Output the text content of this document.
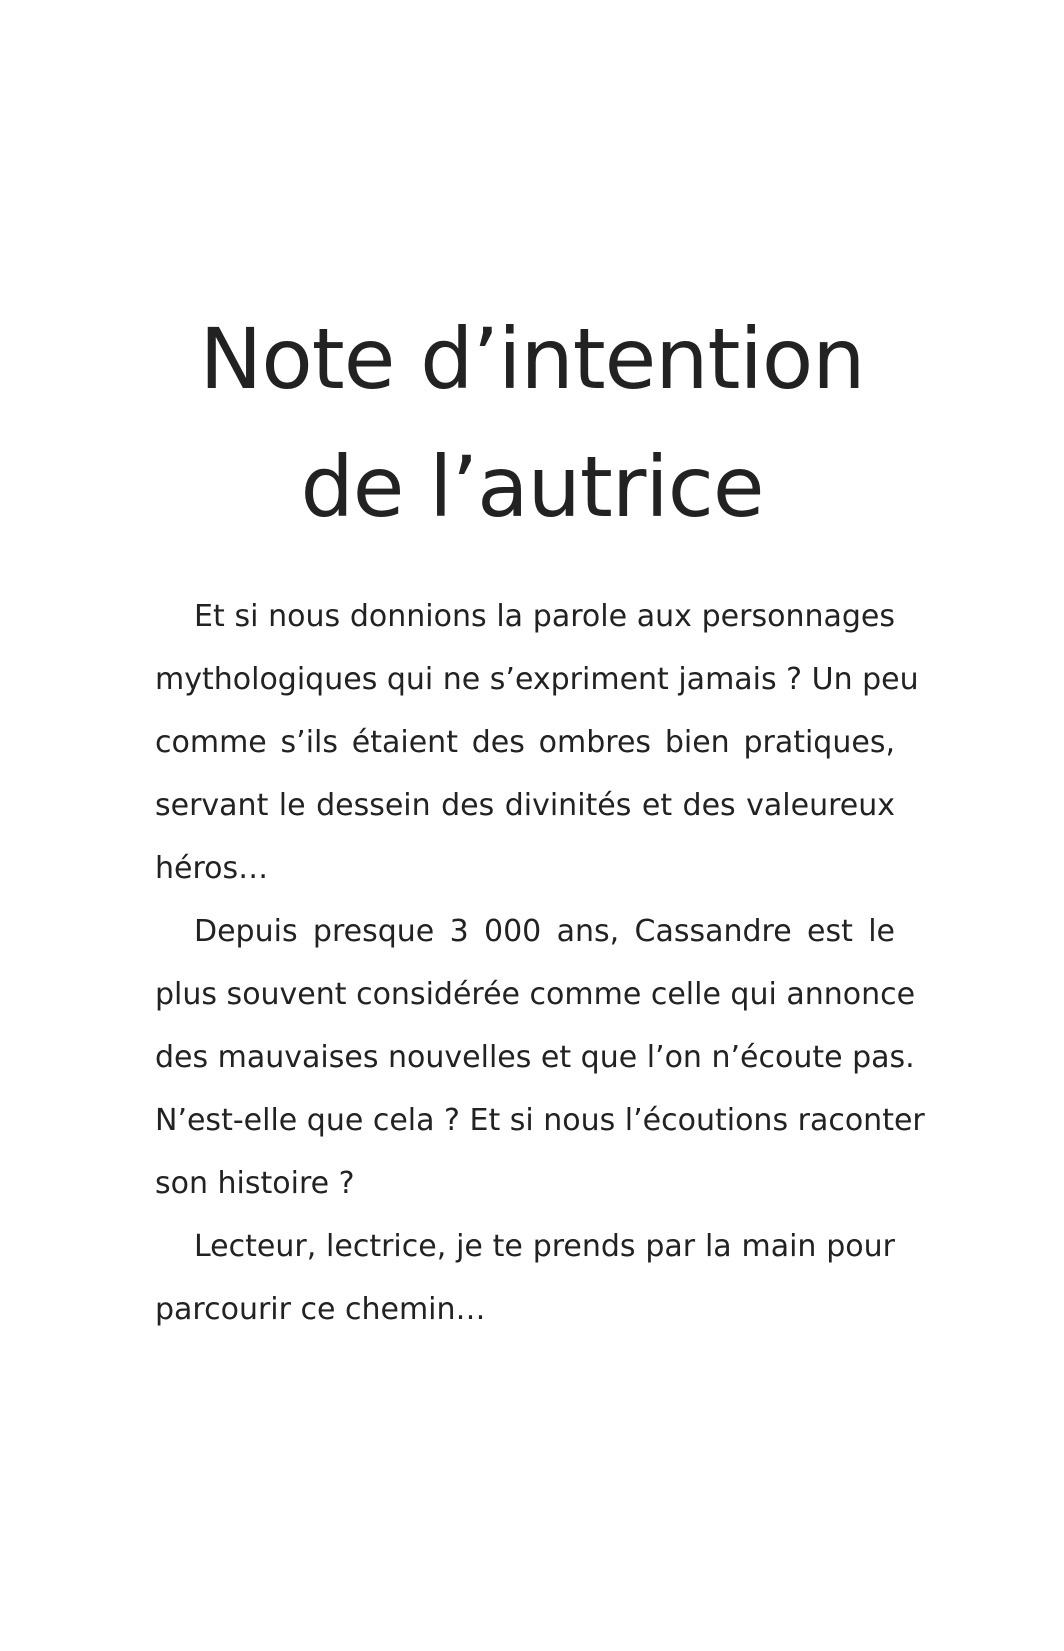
Note d’intention
de l’autrice

Et si nous donnions la parole aux personnages
mythologiques qui ne s’expriment jamais ? Un peu
comme s’ils étaient des ombres bien pratiques,
servant le dessein des divinités et des valeureux
héros…

Depuis presque 3 000 ans, Cassandre est le
plus souvent considérée comme celle qui annonce
des mauvaises nouvelles et que l’on n’écoute pas.
N’est-elle que cela ? Et si nous l’écoutions raconter
son histoire ?

Lecteur, lectrice, je te prends par la main pour
parcourir ce chemin…
